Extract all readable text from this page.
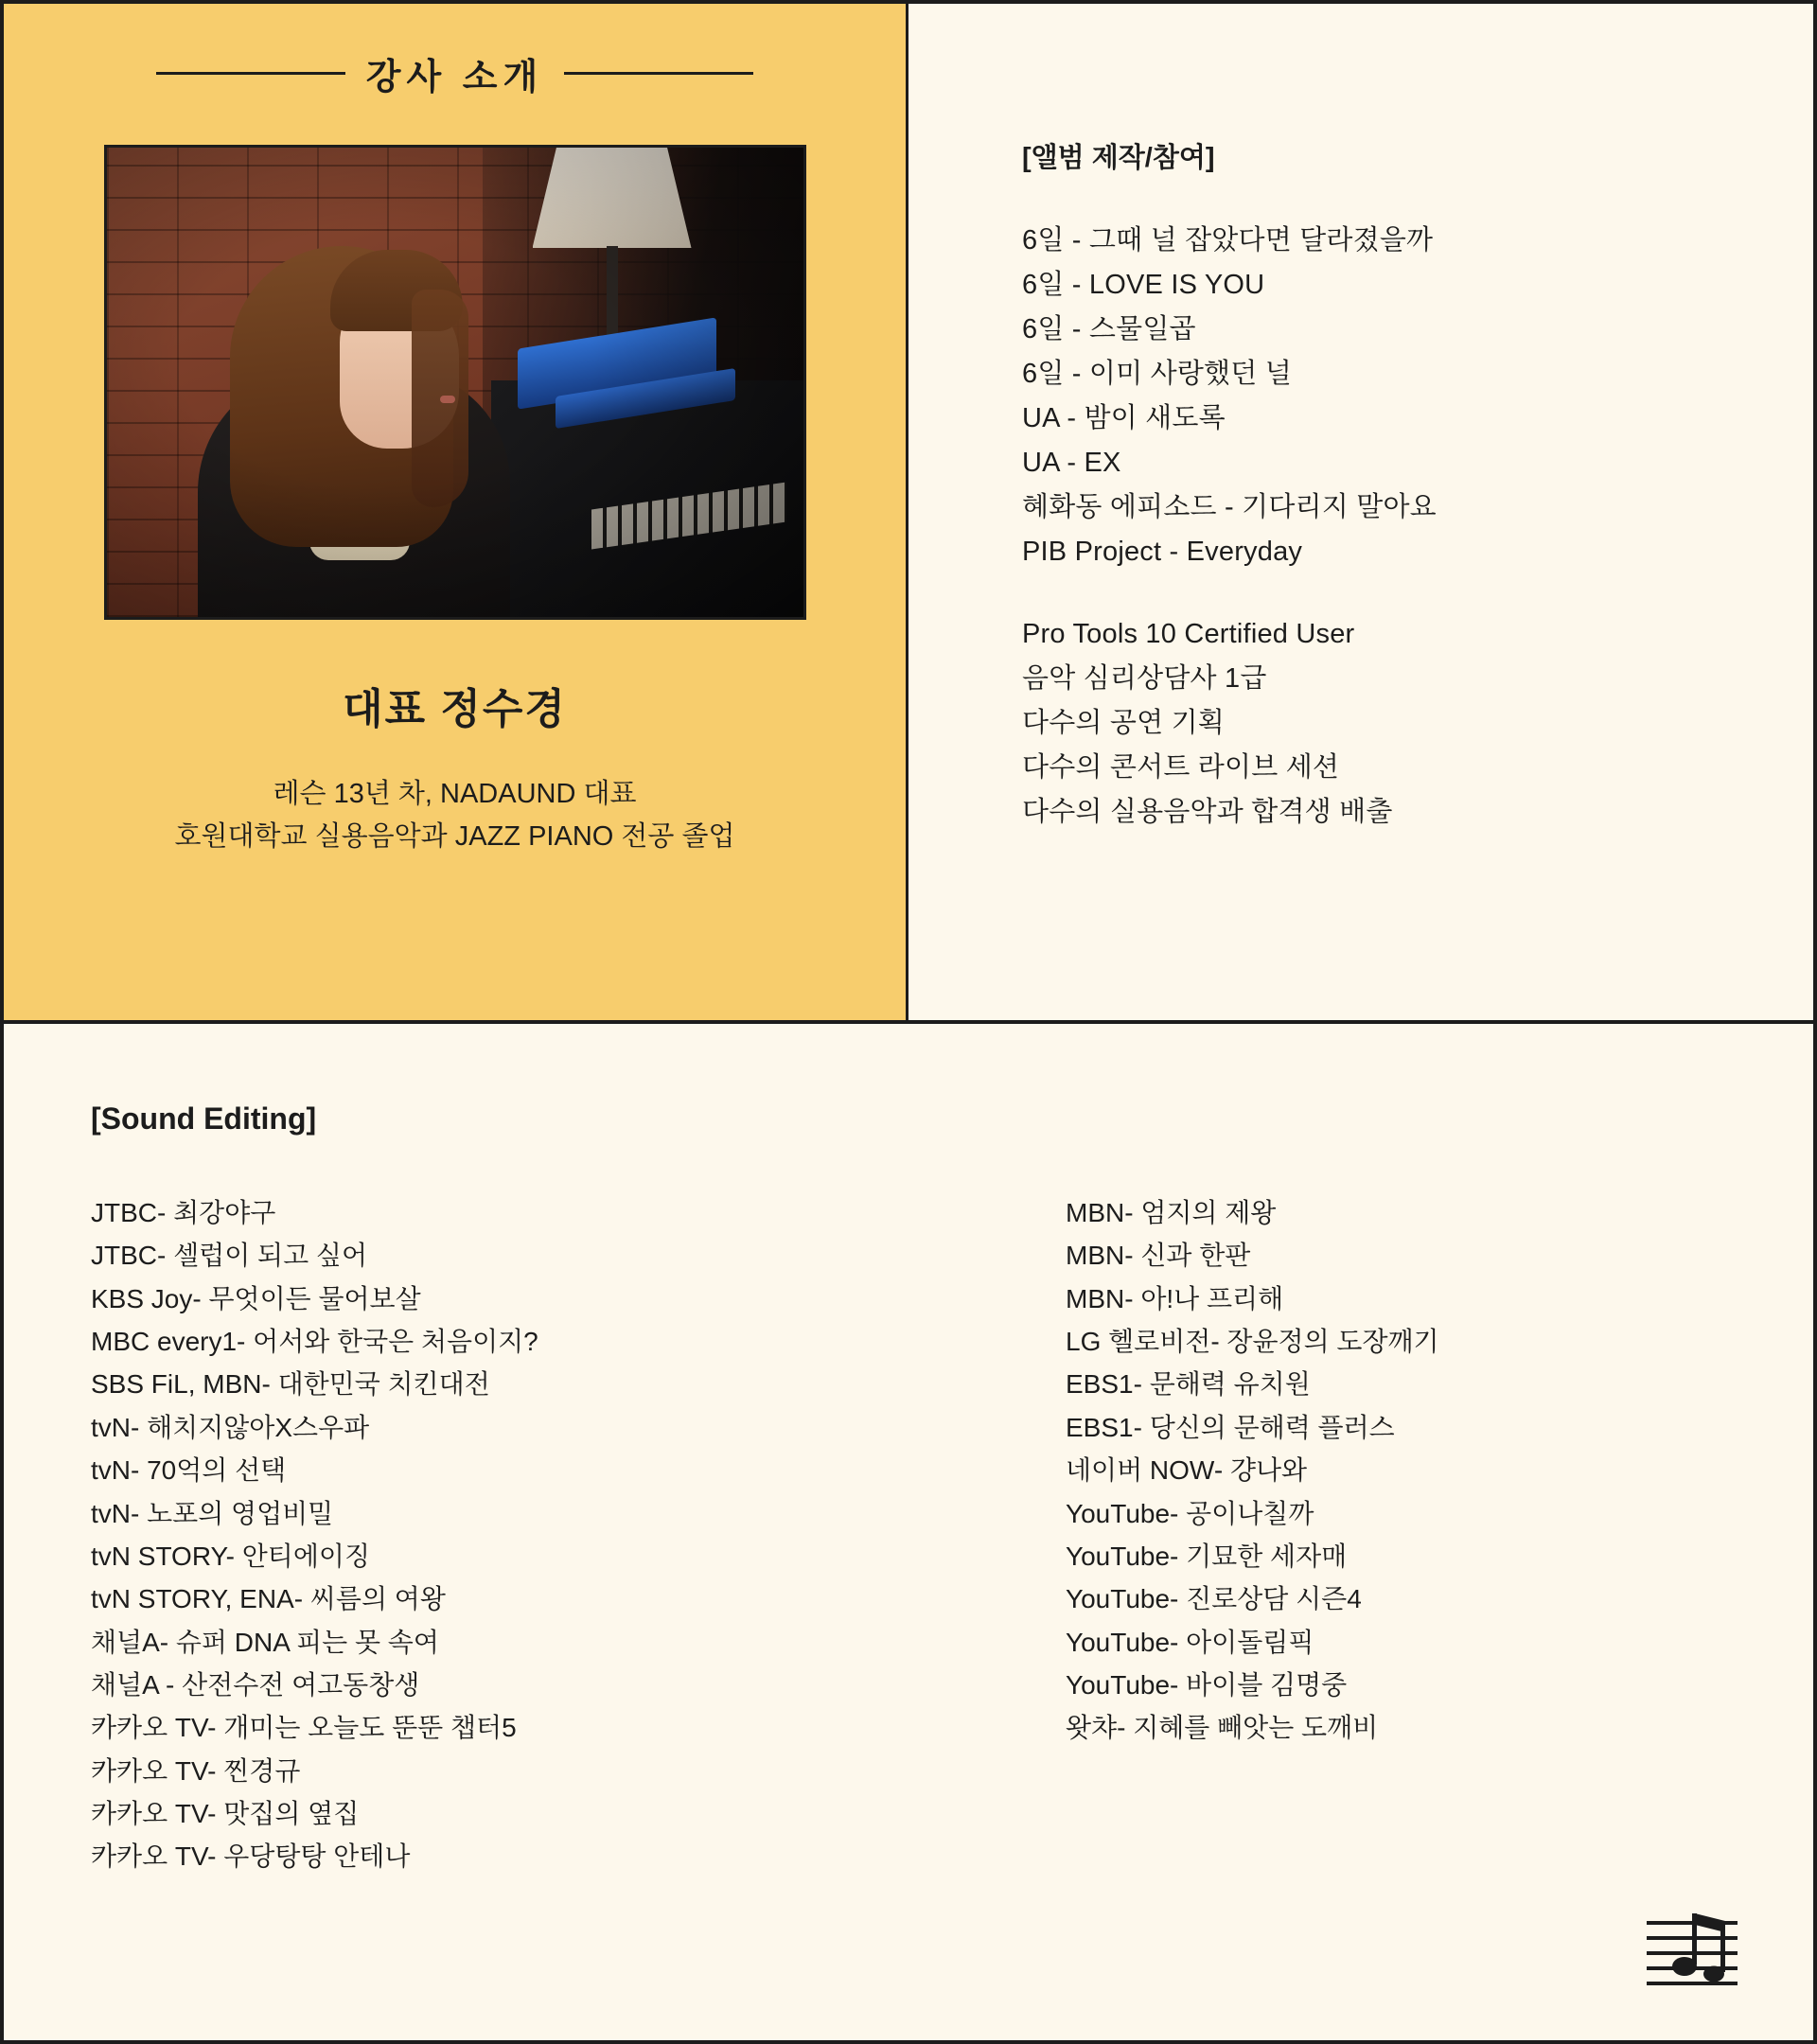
강사 소개
대표 정수경
레슨 13년 차, NADAUND 대표
호원대학교 실용음악과 JAZZ PIANO 전공 졸업
[앨범 제작/참여]
6일 - 그때 널 잡았다면 달라졌을까
6일 - LOVE IS YOU
6일 - 스물일곱
6일 - 이미 사랑했던 널
UA - 밤이 새도록
UA - EX
혜화동 에피소드 - 기다리지 말아요
PIB Project - Everyday
Pro Tools 10 Certified User
음악 심리상담사 1급
다수의 공연 기획
다수의 콘서트 라이브 세션
다수의 실용음악과 합격생 배출
[Sound Editing]
JTBC- 최강야구
JTBC- 셀럽이 되고 싶어
KBS Joy- 무엇이든 물어보살
MBC every1- 어서와 한국은 처음이지?
SBS FiL, MBN- 대한민국 치킨대전
tvN- 해치지않아X스우파
tvN- 70억의 선택
tvN- 노포의 영업비밀
tvN STORY- 안티에이징
tvN STORY, ENA- 씨름의 여왕
채널A- 슈퍼 DNA 피는 못 속여
채널A - 산전수전 여고동창생
카카오 TV- 개미는 오늘도 뚠뚠 챕터5
카카오 TV- 찐경규
카카오 TV- 맛집의 옆집
카카오 TV- 우당탕탕 안테나
MBN- 엄지의 제왕
MBN- 신과 한판
MBN- 아!나 프리해
LG 헬로비전- 장윤정의 도장깨기
EBS1- 문해력 유치원
EBS1- 당신의 문해력 플러스
네이버 NOW- 걍나와
YouTube- 공이나칠까
YouTube- 기묘한 세자매
YouTube- 진로상담 시즌4
YouTube- 아이돌림픽
YouTube- 바이블 김명중
왓챠- 지혜를 빼앗는 도깨비
